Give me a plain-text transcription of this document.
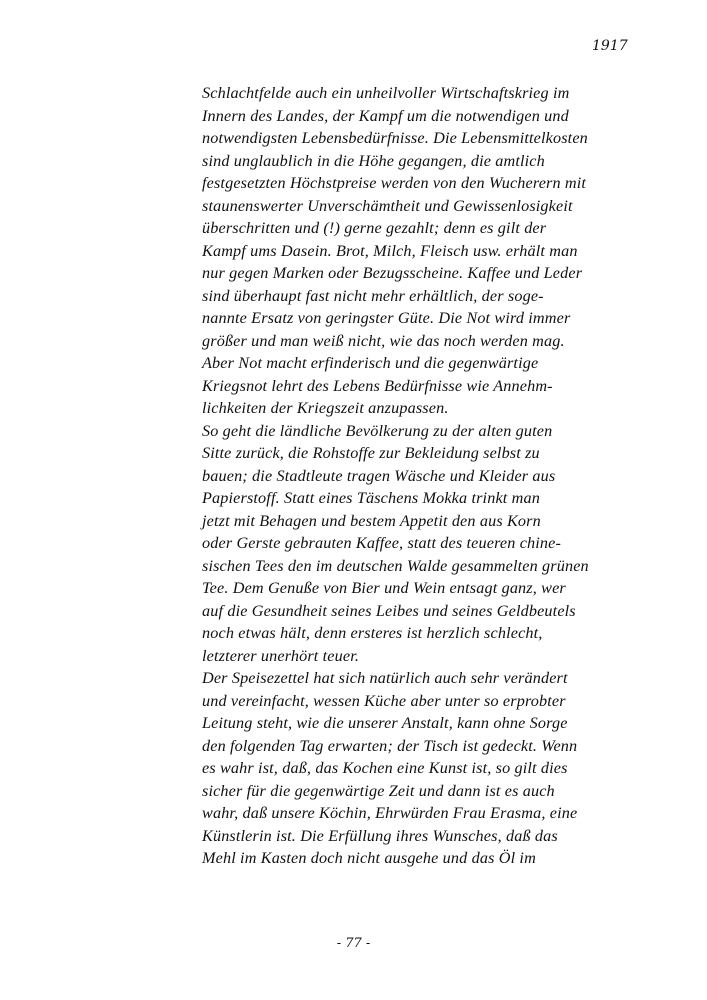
1917
Schlachtfelde auch ein unheilvoller Wirtschaftskrieg im
Innern des Landes, der Kampf um die notwendigen und
notwendigsten Lebensbedürfnisse. Die Lebensmittelkosten
sind unglaublich in die Höhe gegangen, die amtlich
festgesetzten Höchstpreise werden von den Wucherern mit
staunenswerter Unverschämtheit und Gewissenlosigkeit
überschritten und (!) gerne gezahlt; denn es gilt der
Kampf ums Dasein. Brot, Milch, Fleisch usw. erhält man
nur gegen Marken oder Bezugsscheine. Kaffee und Leder
sind überhaupt fast nicht mehr erhältlich, der soge-
nannte Ersatz von geringster Güte. Die Not wird immer
größer und man weiß nicht, wie das noch werden mag.
Aber Not macht erfinderisch und die gegenwärtige
Kriegsnot lehrt des Lebens Bedürfnisse wie Annehm-
lichkeiten der Kriegszeit anzupassen.
So geht die ländliche Bevölkerung zu der alten guten
Sitte zurück, die Rohstoffe zur Bekleidung selbst zu
bauen; die Stadtleute tragen Wäsche und Kleider aus
Papierstoff. Statt eines Täschens Mokka trinkt man
jetzt mit Behagen und bestem Appetit den aus Korn
oder Gerste gebrauten Kaffee, statt des teueren chine-
sischen Tees den im deutschen Walde gesammelten grünen
Tee. Dem Genuße von Bier und Wein entsagt ganz, wer
auf die Gesundheit seines Leibes und seines Geldbeutels
noch etwas hält, denn ersteres ist herzlich schlecht,
letzterer unerhört teuer.
Der Speisezettel hat sich natürlich auch sehr verändert
und vereinfacht, wessen Küche aber unter so erprobter
Leitung steht, wie die unserer Anstalt, kann ohne Sorge
den folgenden Tag erwarten; der Tisch ist gedeckt. Wenn
es wahr ist, daß, das Kochen eine Kunst ist, so gilt dies
sicher für die gegenwärtige Zeit und dann ist es auch
wahr, daß unsere Köchin, Ehrwürden Frau Erasma, eine
Künstlerin ist. Die Erfüllung ihres Wunsches, daß das
Mehl im Kasten doch nicht ausgehe und das Öl im
- 77 -
